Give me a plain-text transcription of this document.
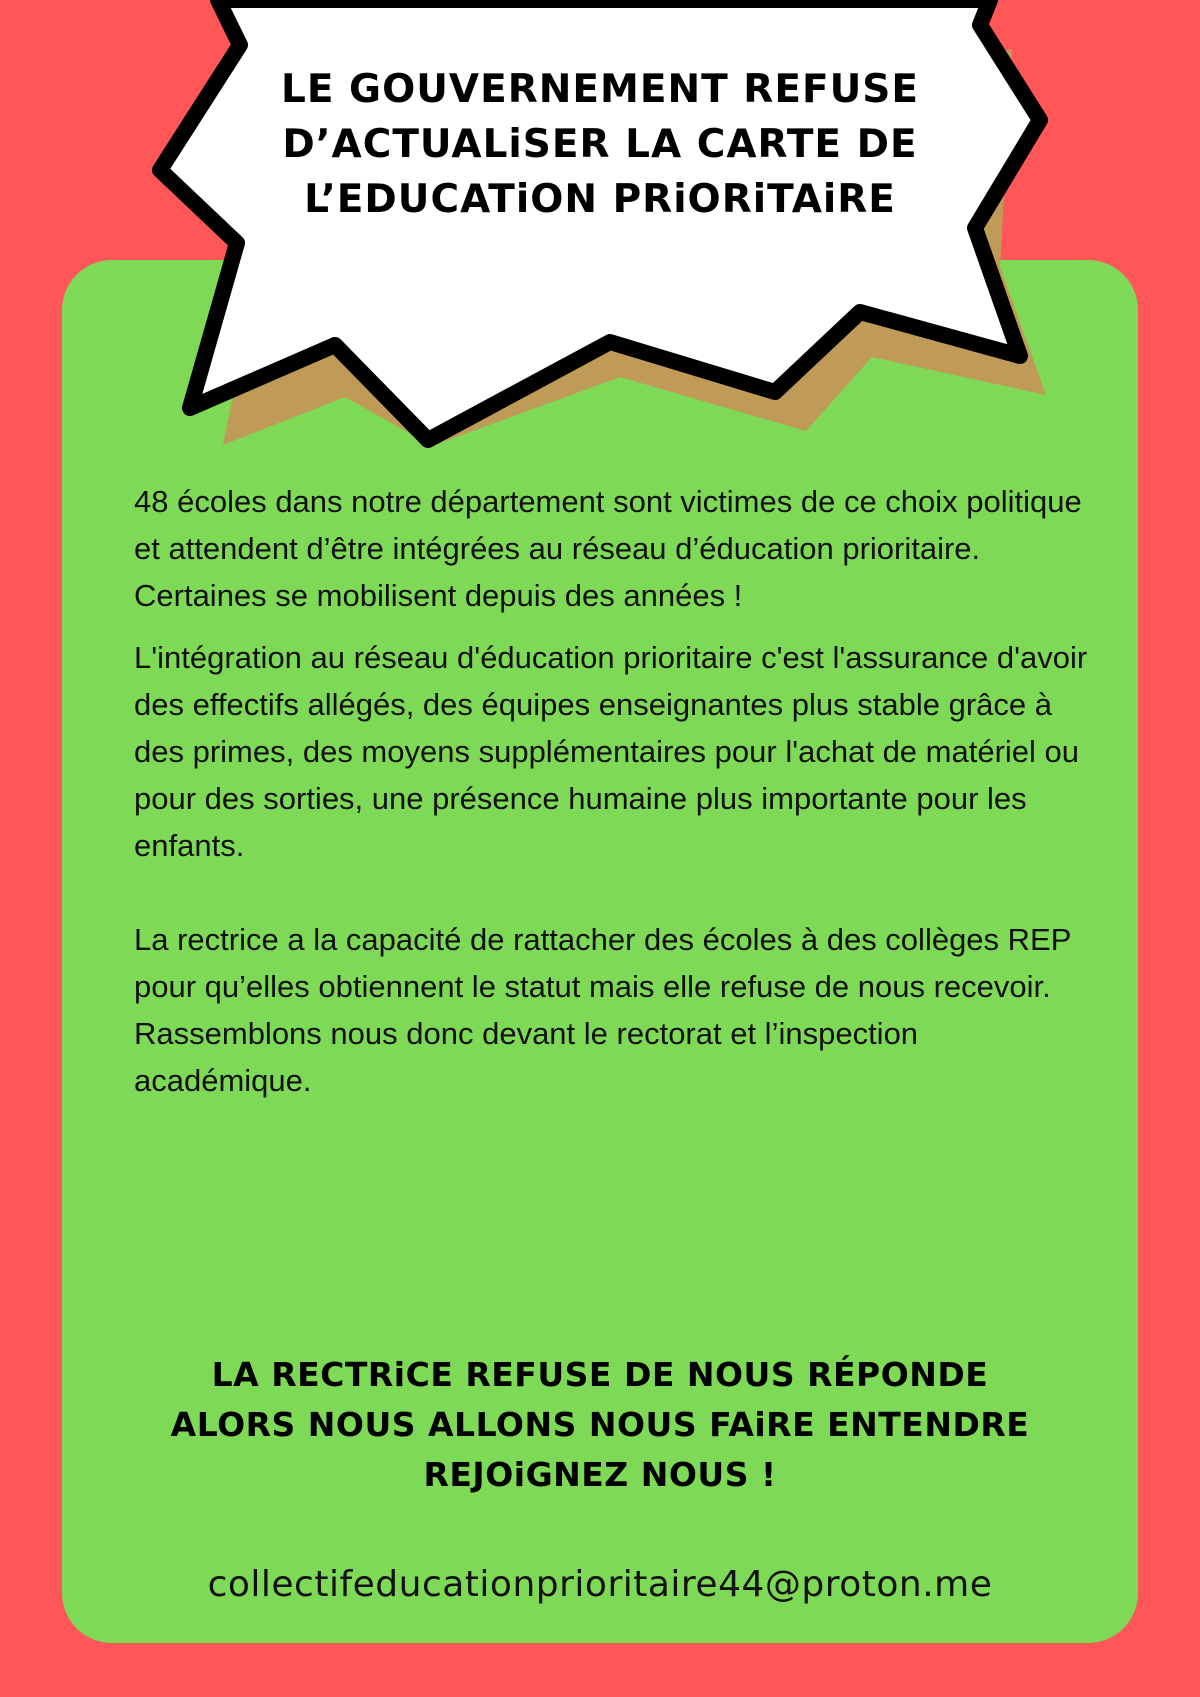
LE GOUVERNEMENT REFUSE
D’ACTUALiSER LA CARTE DE
L’EDUCATiON PRiORiTAiRE

48 écoles dans notre département sont victimes de ce choix politique et attendent d’être intégrées au réseau d’éducation prioritaire. Certaines se mobilisent depuis des années !

L'intégration au réseau d'éducation prioritaire c'est l'assurance d'avoir des effectifs allégés, des équipes enseignantes plus stable grâce à des primes, des moyens supplémentaires pour l'achat de matériel ou pour des sorties, une présence humaine plus importante pour les enfants.

La rectrice a la capacité de rattacher des écoles à des collèges REP pour qu’elles obtiennent le statut mais elle refuse de nous recevoir. Rassemblons nous donc devant le rectorat et l’inspection académique.

LA RECTRiCE REFUSE DE NOUS RÉPONDE
ALORS NOUS ALLONS NOUS FAiRE ENTENDRE
REJOiGNEZ NOUS !
collectifeducationprioritaire44@proton.me
